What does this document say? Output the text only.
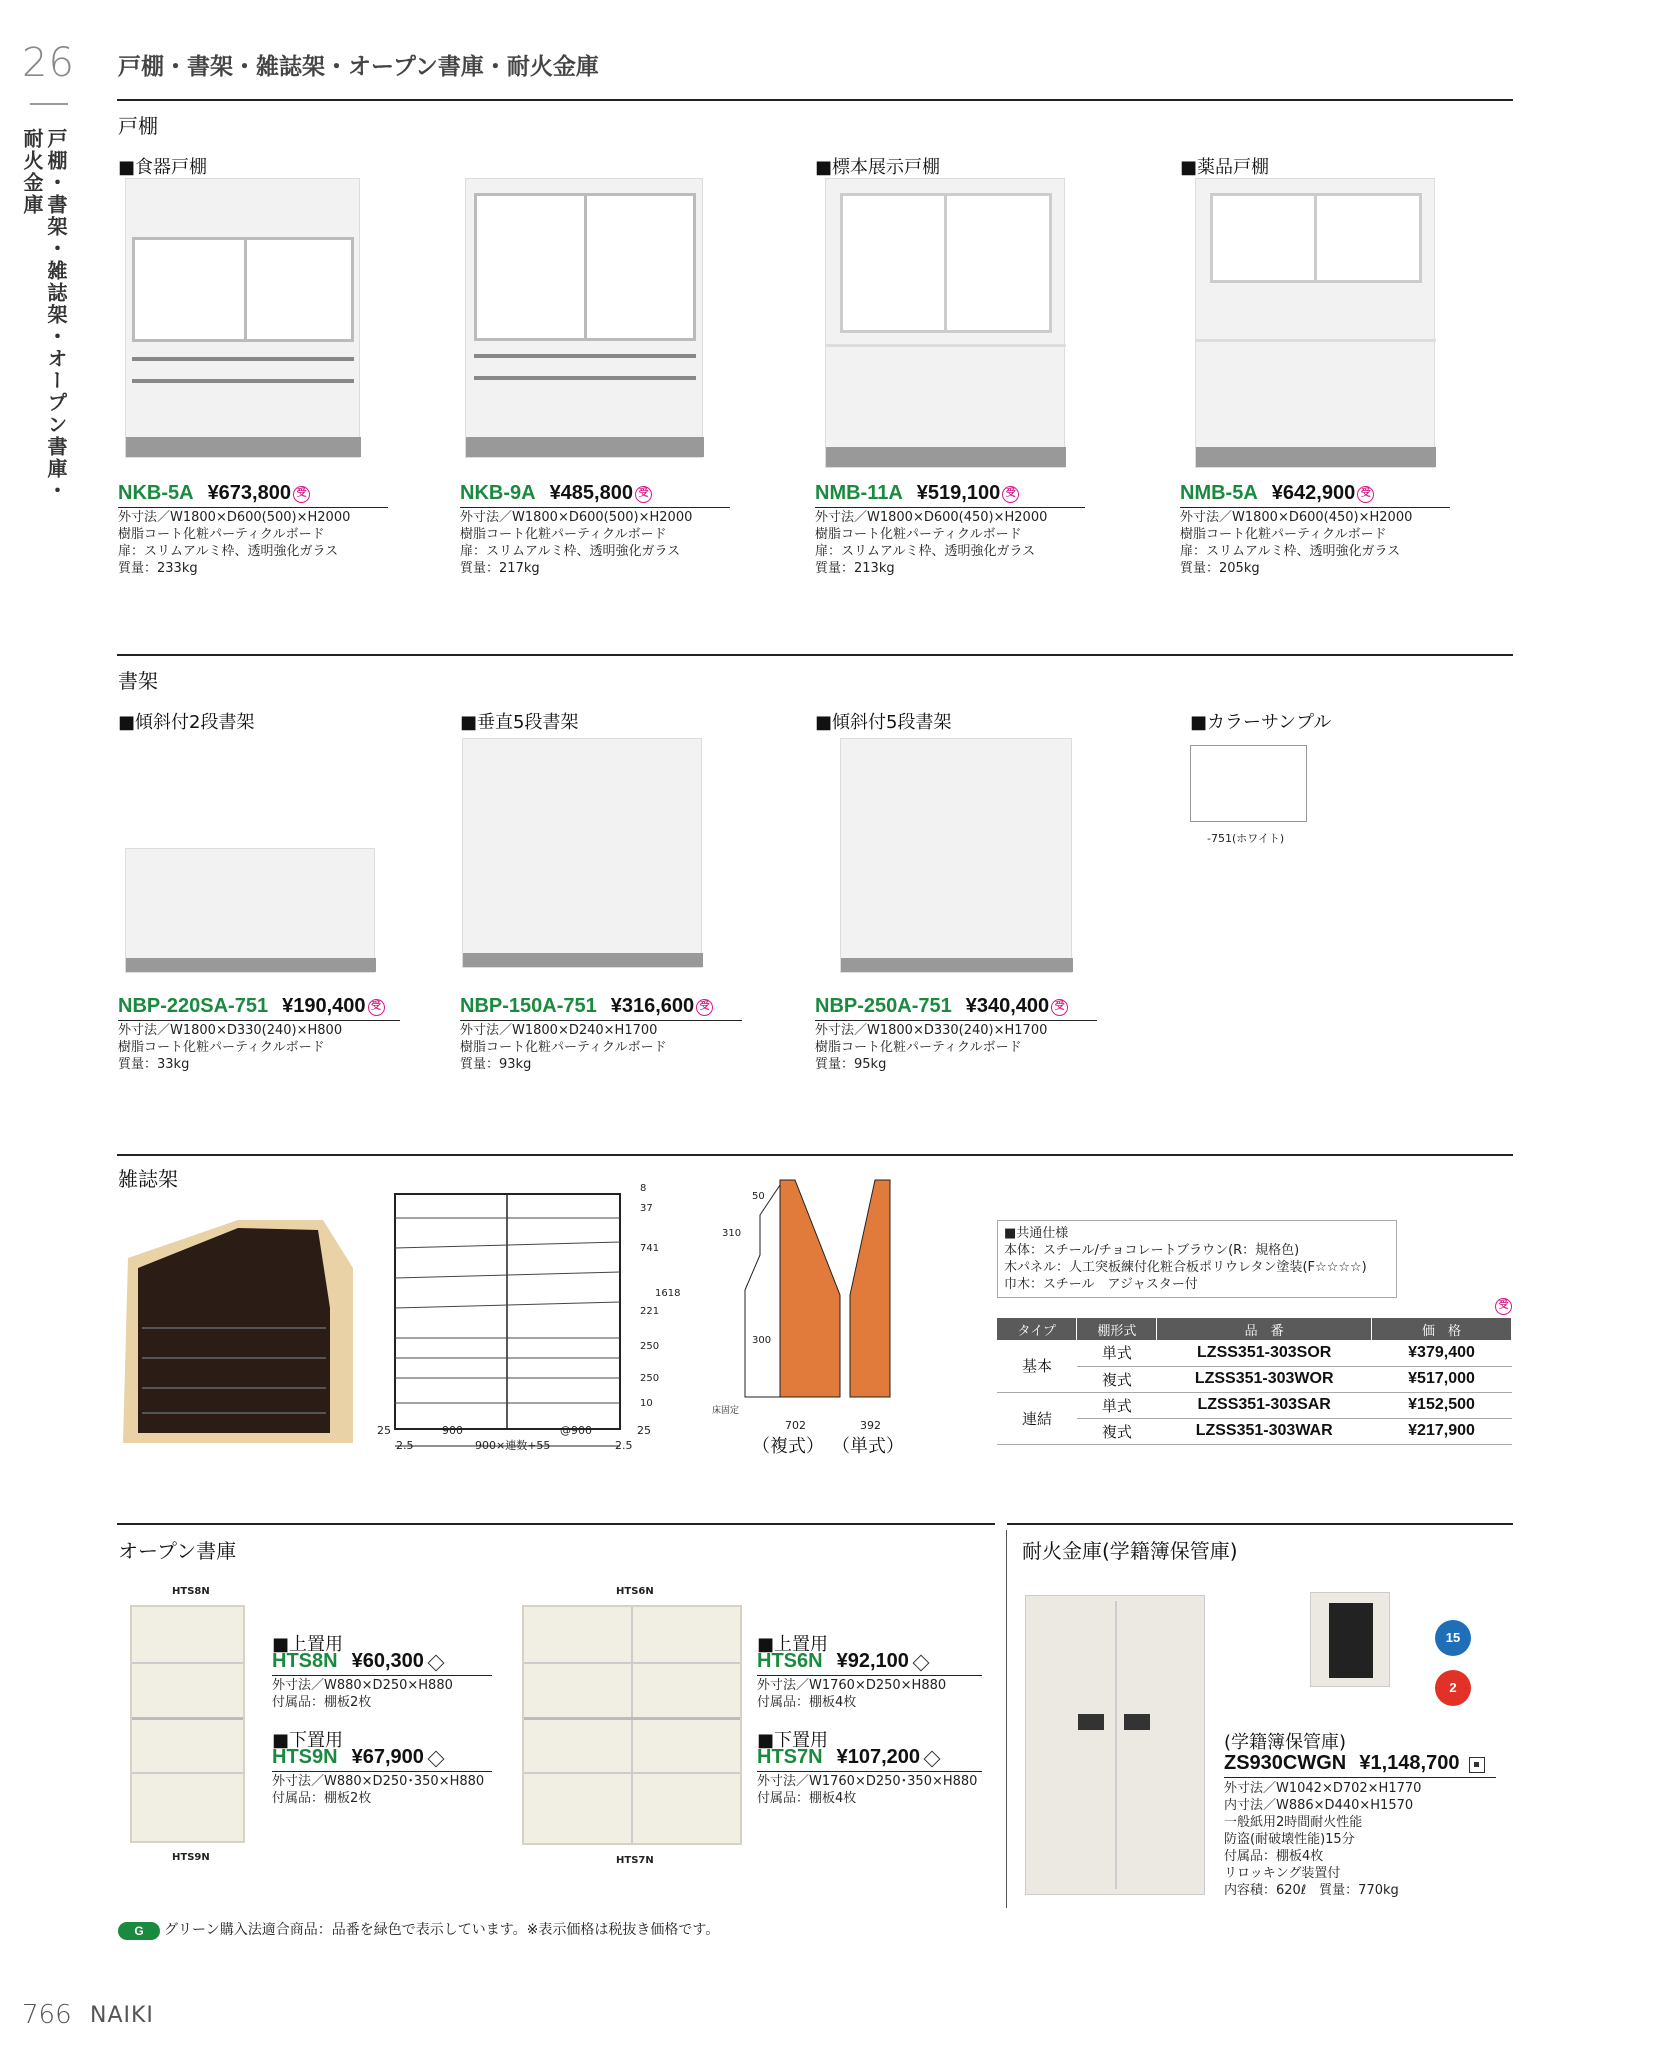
26
戸棚・書架・雑誌架・オープン書庫・
耐火金庫
戸棚・書架・雑誌架・オープン書庫・耐火金庫
戸棚
■食器戸棚
NKB-5A ¥673,800 受
外寸法／W1800×D600(500)×H2000
樹脂コート化粧パーティクルボード
扉：スリムアルミ枠、透明強化ガラス
質量：233kg
NKB-9A ¥485,800 受
外寸法／W1800×D600(500)×H2000
樹脂コート化粧パーティクルボード
扉：スリムアルミ枠、透明強化ガラス
質量：217kg
■標本展示戸棚
NMB-11A ¥519,100 受
外寸法／W1800×D600(450)×H2000
樹脂コート化粧パーティクルボード
扉：スリムアルミ枠、透明強化ガラス
質量：213kg
■薬品戸棚
NMB-5A ¥642,900 受
外寸法／W1800×D600(450)×H2000
樹脂コート化粧パーティクルボード
扉：スリムアルミ枠、透明強化ガラス
質量：205kg
■傾斜付2段書架
NBP-220SA-751 ¥190,400 受
外寸法／W1800×D330(240)×H800
樹脂コート化粧パーティクルボード
質量：33kg
■垂直5段書架
NBP-150A-751 ¥316,600 受
外寸法／W1800×D240×H1700
樹脂コート化粧パーティクルボード
質量：93kg
■傾斜付5段書架
NBP-250A-751 ¥340,400 受
外寸法／W1800×D330(240)×H1700
樹脂コート化粧パーティクルボード
質量：95kg
書架
■カラーサンプル
-751(ホワイト)
雑誌架
25	900	@900	25
2.5	900×連数+55	2.5
8
37
741
1618
221
250
250
10
50
310
300
床固定
702	392
（複式） （単式）
■共通仕様
本体：スチール/チョコレートブラウン(R：規格色)
木パネル：人工突板練付化粧合板ポリウレタン塗装(F☆☆☆☆)
巾木：スチール　アジャスター付
受
タイプ	棚形式	品　番	価　格
基本	単式	LZSS351-303SOR	¥379,400
	複式	LZSS351-303WOR	¥517,000
連結	単式	LZSS351-303SAR	¥152,500
	複式	LZSS351-303WAR	¥217,900
オープン書庫
HTS8N
HTS9N
HTS6N
HTS7N
■上置用
HTS8N ¥60,300
外寸法／W880×D250×H880
付属品：棚板2枚
■下置用
HTS9N ¥67,900
外寸法／W880×D250･350×H880
付属品：棚板2枚
■上置用
HTS6N ¥92,100
外寸法／W1760×D250×H880
付属品：棚板4枚
■下置用
HTS7N ¥107,200
外寸法／W1760×D250･350×H880
付属品：棚板4枚
耐火金庫(学籍簿保管庫)
15
2
(学籍簿保管庫)
ZS930CWGN ¥1,148,700
外寸法／W1042×D702×H1770
内寸法／W886×D440×H1570
一般紙用2時間耐火性能
防盗(耐破壊性能)15分
付属品：棚板4枚
リロッキング装置付
内容積：620ℓ　質量：770kg
G	グリーン購入法適合商品：品番を緑色で表示しています。※表示価格は税抜き価格です。
766 NAIKI
